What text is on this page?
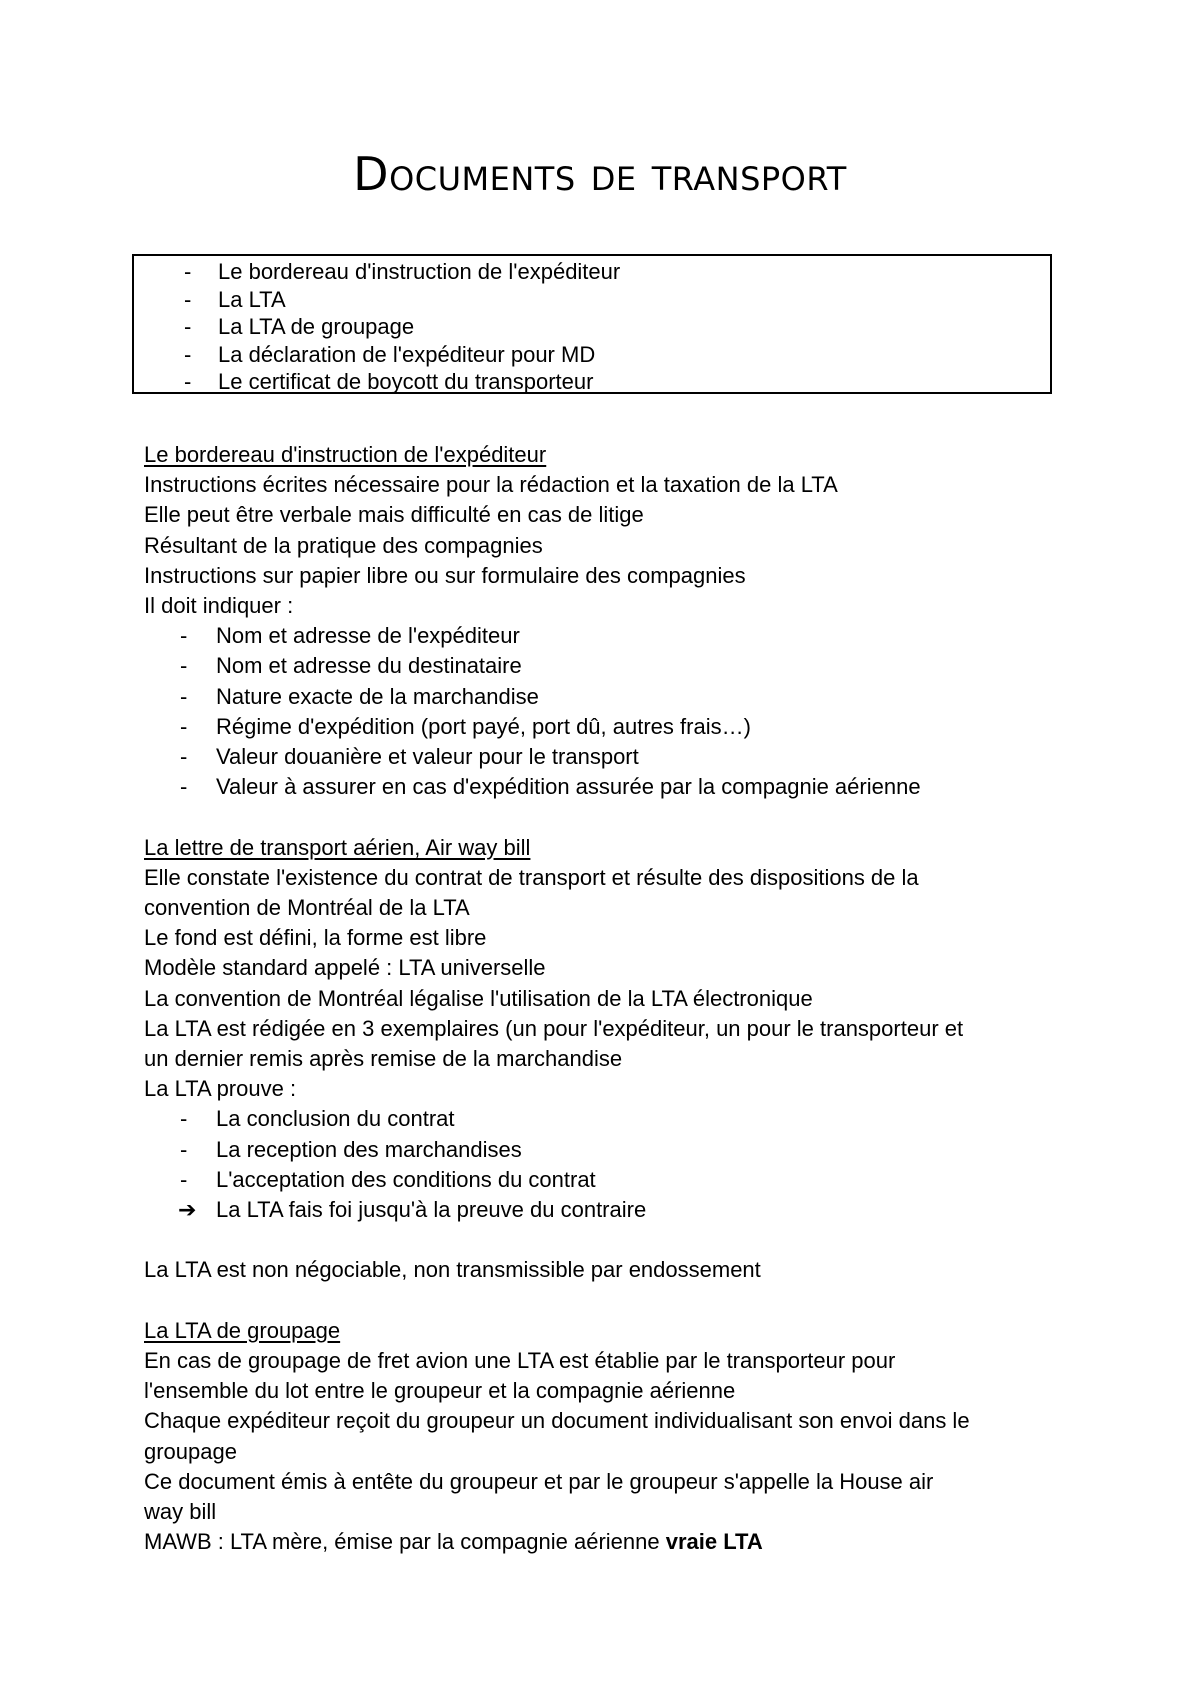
Documents de transport
- Le bordereau d'instruction de l'expéditeur
- La LTA
- La LTA de groupage
- La déclaration de l'expéditeur pour MD
- Le certificat de boycott du transporteur

Le bordereau d'instruction de l'expéditeur

Instructions écrites nécessaire pour la rédaction et la taxation de la LTA

Elle peut être verbale mais difficulté en cas de litige

Résultant de la pratique des compagnies

Instructions sur papier libre ou sur formulaire des compagnies

Il doit indiquer :

- Nom et adresse de l'expéditeur
- Nom et adresse du destinataire
- Nature exacte de la marchandise
- Régime d'expédition (port payé, port dû, autres frais…)
- Valeur douanière et valeur pour le transport
- Valeur à assurer en cas d'expédition assurée par la compagnie aérienne

La lettre de transport aérien, Air way bill

Elle constate l'existence du contrat de transport et résulte des dispositions de la

convention de Montréal de la LTA

Le fond est défini, la forme est libre

Modèle standard appelé : LTA universelle

La convention de Montréal légalise l'utilisation de la LTA électronique

La LTA est rédigée en 3 exemplaires (un pour l'expéditeur, un pour le transporteur et

un dernier remis après remise de la marchandise

La LTA prouve :

- La conclusion du contrat
- La reception des marchandises
- L'acceptation des conditions du contrat
➔ La LTA fais foi jusqu'à la preuve du contraire

La LTA est non négociable, non transmissible par endossement

La LTA de groupage

En cas de groupage de fret avion une LTA est établie par le transporteur pour

l'ensemble du lot entre le groupeur et la compagnie aérienne

Chaque expéditeur reçoit du groupeur un document individualisant son envoi dans le

groupage

Ce document émis à entête du groupeur et par le groupeur s'appelle la House air

way bill

MAWB : LTA mère, émise par la compagnie aérienne vraie LTA
